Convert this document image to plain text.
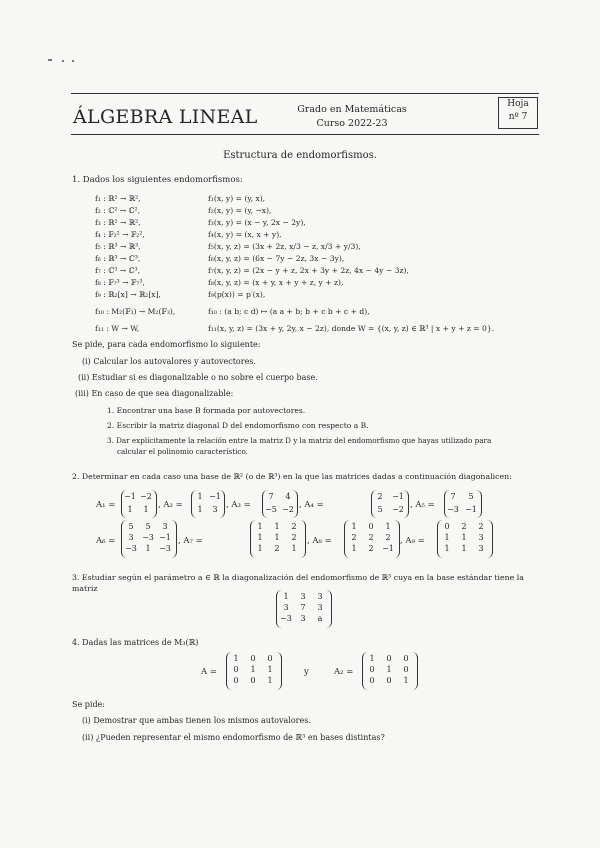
ÁLGEBRA LINEAL	Grado en Matemáticas
Curso 2022-23
Hoja
nº 7
Estructura de endomorfismos.
1. Dados los siguientes endomorfismos:
f₁ : ℝ² → ℝ²,	f₁(x, y) = (y, x),
f₂ : ℂ² → ℂ²,	f₂(x, y) = (y, −x),
f₃ : ℝ² → ℝ²,	f₃(x, y) = (x − y, 2x − 2y),
f₄ : 𝔽₂² → 𝔽₂²,	f₄(x, y) = (x, x + y),
f₅ : ℝ³ → ℝ³,	f₅(x, y, z) = (3x + 2z, x/3 − z, x/3 + y/3),
f₆ : ℝ³ → ℂ³,	f₆(x, y, z) = (6x − 7y − 2z, 3x − 3y),
f₇ : ℂ³ → ℂ³,	f₇(x, y, z) = (2x − y + z, 2x + 3y + 2z, 4x − 4y − 3z),
f₈ : 𝔽₇³ → 𝔽₇³,	f₈(x, y, z) = (x + y, x + y + z, y + z),
f₉ : ℝ₂[x] → ℝ₂[x],	f₉(p(x)) = p′(x),
f₁₀ : M₂(𝔽₃) → M₂(𝔽₃),	f₁₀ : (a b; c d) ↦ (a a + b; b + c b + c + d),
f₁₁ : W → W,	f₁₁(x, y, z) = (3x + y, 2y, x − 2z), donde W = {(x, y, z) ∈ ℝ³ | x + y + z = 0}.
Se pide, para cada endomorfismo lo siguiente:
(i) Calcular los autovalores y autovectores.
(ii) Estudiar si es diagonalizable o no sobre el cuerpo base.
(iii) En caso de que sea diagonalizable:
1. Encontrar una base B formada por autovectores.
2. Escribir la matriz diagonal D del endomorfismo con respecto a B.
3. Dar explícitamente la relación entre la matriz D y la matriz del endomorfismo que hayas utilizado para
calcular el polinomio característico.
2. Determinar en cada caso una base de ℝ² (o de ℝ³) en la que las matrices dadas a continuación diagonalicen:
A₁ =
−1 −2
1	1	, A₂ =
1 −1
1	3 , A₃ =
7	4
−5 −2 , A₄ =
2	−1
5	−2 , A₅ =
7	5
−3 −1
A₆ =
5	5	3
3	−3 −1
−3	1	−3
, A₇ =
1	1	2
1	1	2
1	2	1
, A₈ =
1	0	1
2	2	2
1	2	−1
, A₉ =
0	2	2
1	1	3
1	1	3
3. Estudiar según el parámetro a ∈ ℝ la diagonalización del endomorfismo de ℝ³ cuya en la base estándar tiene la
matriz
1	3	3
3	7	3
−3	3	a
4. Dadas las matrices de M₃(ℝ)
A =
1	0	0
0	1	1
0	0	1
y	A₂ =
1	0	0
0	1	0
0	0	1
Se pide:
(i) Demostrar que ambas tienen los mismos autovalores.
(ii) ¿Pueden representar el mismo endomorfismo de ℝ³ en bases distintas?
